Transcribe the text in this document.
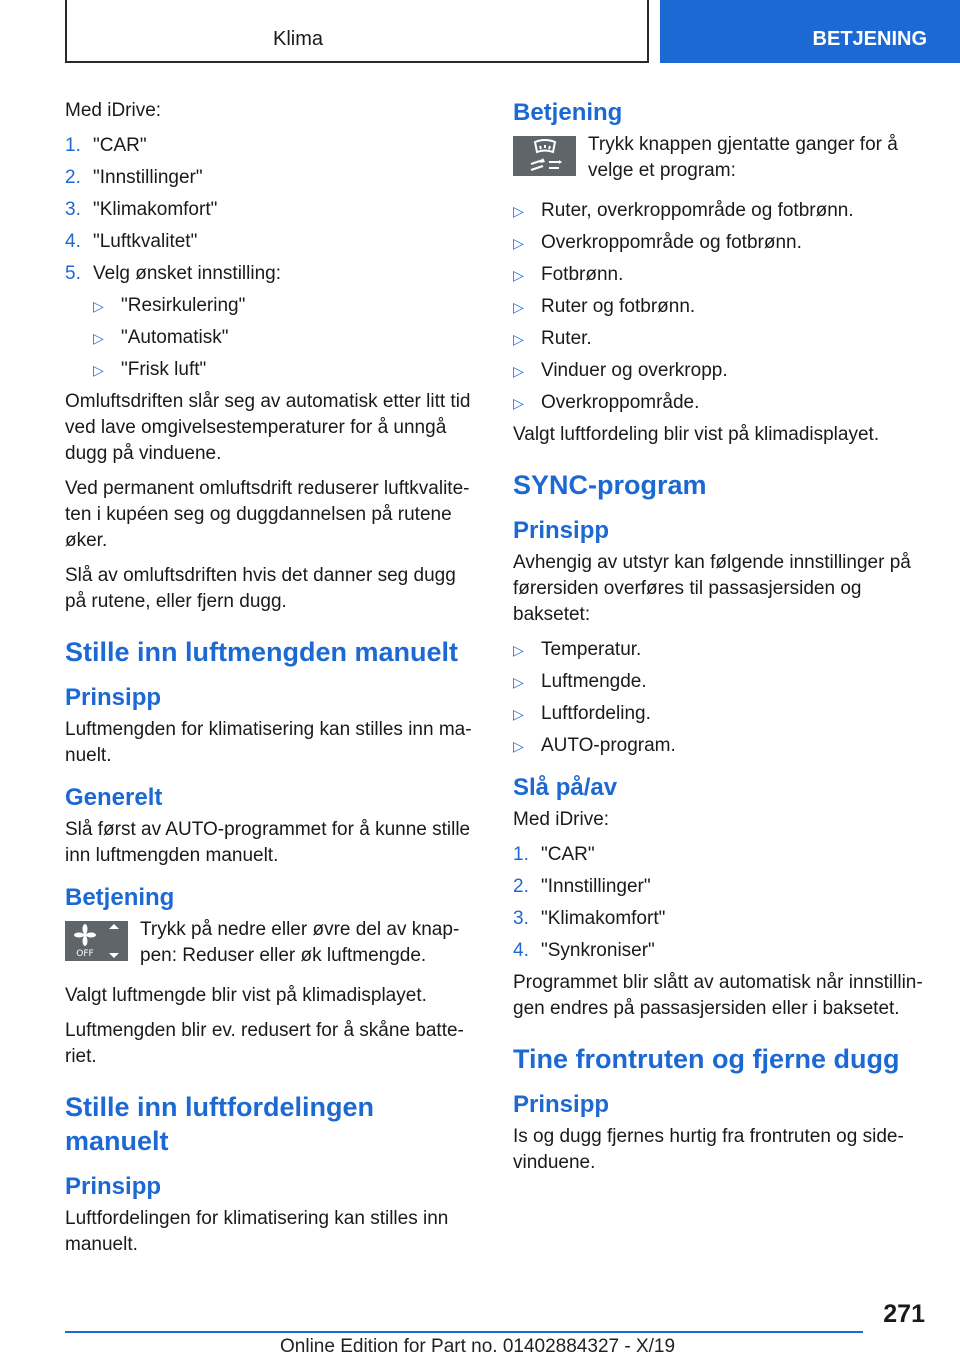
Klima	BETJENING

Med iDrive:

1. "CAR"
2. "Innstillinger"
3. "Klimakomfort"
4. "Luftkvalitet"
5. Velg ønsket innstilling:
▷ "Resirkulering"
▷ "Automatisk"
▷ "Frisk luft"

Omluftsdriften slår seg av automatisk etter litt tid ved lave omgivelsestemperaturer for å unngå dugg på vinduene.

Ved permanent omluftsdrift reduserer luftkvaliteten i kupéen seg og duggdannelsen på rutene øker.

Slå av omluftsdriften hvis det danner seg dugg på rutene, eller fjern dugg.

Stille inn luftmengden manuelt
Prinsipp

Luftmengden for klimatisering kan stilles inn manuelt.

Generelt

Slå først av AUTO-programmet for å kunne stille inn luftmengden manuelt.

Betjening
OFF

Trykk på nedre eller øvre del av knappen: Reduser eller øk luftmengde.

Valgt luftmengde blir vist på klimadisplayet.

Luftmengden blir ev. redusert for å skåne batteriet.

Stille inn luftfordelingen manuelt
Prinsipp

Luftfordelingen for klimatisering kan stilles inn manuelt.

Betjening

Trykk knappen gjentatte ganger for å velge et program:

▷ Ruter, overkroppområde og fotbrønn.
▷ Overkroppområde og fotbrønn.
▷ Fotbrønn.
▷ Ruter og fotbrønn.
▷ Ruter.
▷ Vinduer og overkropp.
▷ Overkroppområde.

Valgt luftfordeling blir vist på klimadisplayet.

SYNC-program
Prinsipp

Avhengig av utstyr kan følgende innstillinger på førersiden overføres til passasjersiden og baksetet:

▷ Temperatur.
▷ Luftmengde.
▷ Luftfordeling.
▷ AUTO-program.
Slå på/av

Med iDrive:

1. "CAR"
2. "Innstillinger"
3. "Klimakomfort"
4. "Synkroniser"

Programmet blir slått av automatisk når innstillingen endres på passasjersiden eller i baksetet.

Tine frontruten og fjerne dugg
Prinsipp

Is og dugg fjernes hurtig fra frontruten og sidevinduene.

271
Online Edition for Part no. 01402884327 - X/19
